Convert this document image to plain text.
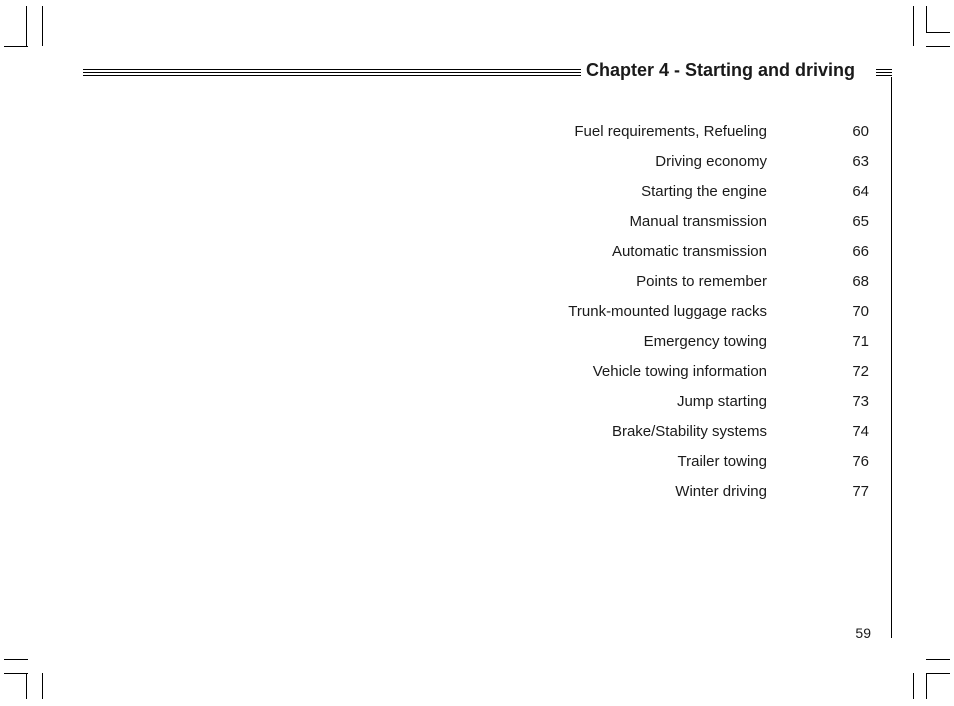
Chapter 4 - Starting and driving
Fuel requirements, Refueling	60
Driving economy	63
Starting the engine	64
Manual transmission	65
Automatic transmission	66
Points to remember	68
Trunk-mounted luggage racks	70
Emergency towing	71
Vehicle towing information	72
Jump starting	73
Brake/Stability systems	74
Trailer towing	76
Winter driving	77
59
